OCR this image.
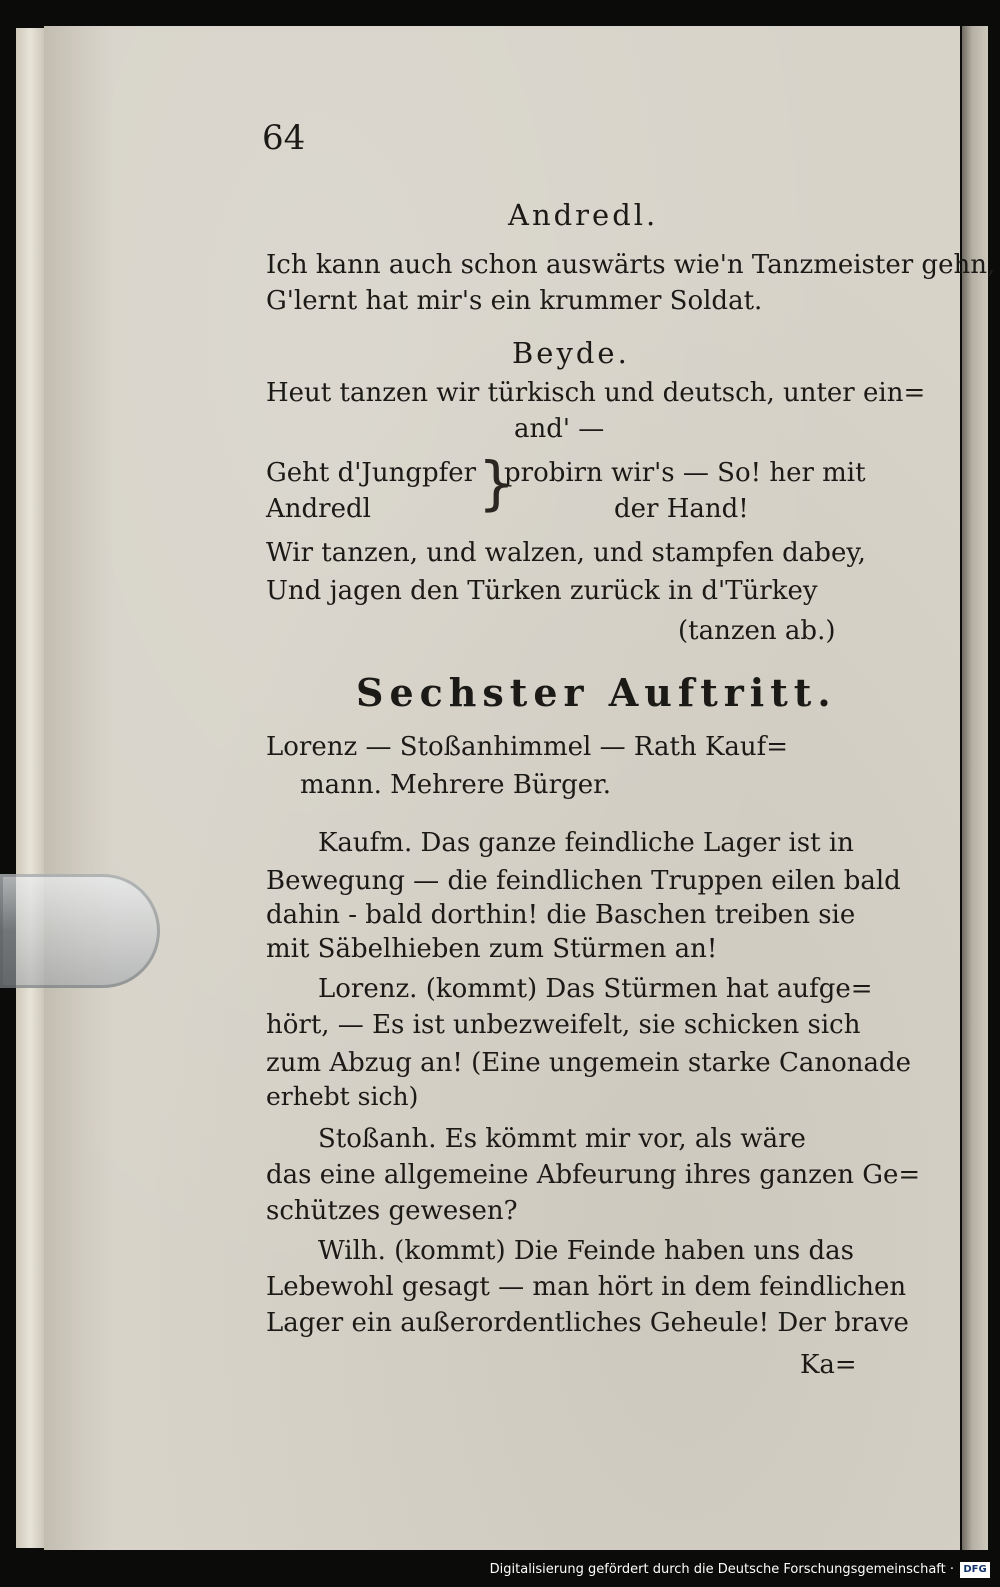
64

Andredl.

Ich kann auch schon auswärts wie'n Tanzmeister gehn,

G'lernt hat mir's ein krummer Soldat.

Beyde.

Heut tanzen wir türkisch und deutsch, unter ein=

and' —

Geht d'Jungpfer probirn wir's — So! her mit

}

Andredl	der Hand!

Wir tanzen, und walzen, und stampfen dabey,

Und jagen den Türken zurück in d'Türkey

(tanzen ab.)

Sechster Auftritt.

Lorenz — Stoßanhimmel — Rath Kauf=

mann. Mehrere Bürger.

Kaufm. Das ganze feindliche Lager ist in

Bewegung — die feindlichen Truppen eilen bald

dahin - bald dorthin! die Baschen treiben sie

mit Säbelhieben zum Stürmen an!

Lorenz. (kommt) Das Stürmen hat aufge=

hört, — Es ist unbezweifelt, sie schicken sich

zum Abzug an! (Eine ungemein starke Canonade

erhebt sich)

Stoßanh. Es kömmt mir vor, als wäre

das eine allgemeine Abfeurung ihres ganzen Ge=

schützes gewesen?

Wilh. (kommt) Die Feinde haben uns das

Lebewohl gesagt — man hört in dem feindlichen

Lager ein außerordentliches Geheule! Der brave

Ka=

Digitalisierung gefördert durch die Deutsche Forschungsgemeinschaft · DFG
